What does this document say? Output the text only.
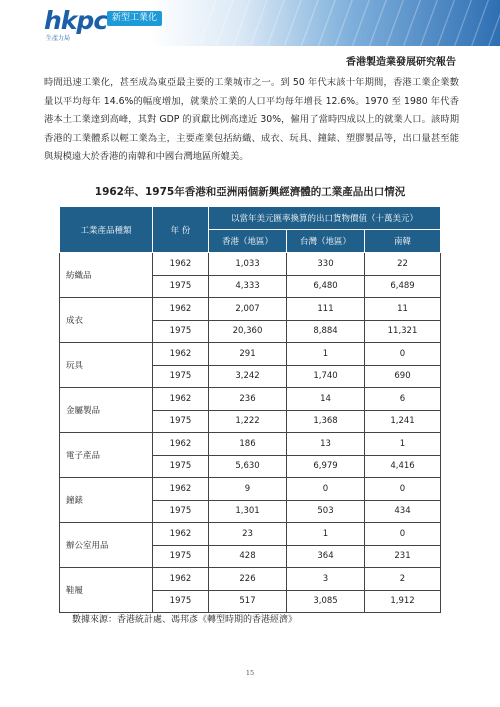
hkpc
生產力局
新型工業化
香港製造業發展研究報告

時間迅速工業化，甚至成為東亞最主要的工業城市之一。到 50 年代末該十年期間，香港工業企業數量以平均每年 14.6%的幅度增加，就業於工業的人口平均每年增長 12.6%。1970 至 1980 年代香港本土工業達到高峰，其對 GDP 的貢獻比例高達近 30%，僱用了當時四成以上的就業人口。該時期香港的工業體系以輕工業為主，主要產業包括紡織、成衣、玩具、鐘錶、塑膠製品等，出口量甚至能與規模遠大於香港的南韓和中國台灣地區所媲美。

1962年、1975年香港和亞洲兩個新興經濟體的工業產品出口情況

工業產品種類	年 份	以當年美元匯率換算的出口貨物價值（十萬美元）		
		香港（地區）	台灣（地區）	南韓
紡織品	1962	1,033	330	22
	1975	4,333	6,480	6,489
成衣	1962	2,007	111	11
	1975	20,360	8,884	11,321
玩具	1962	291	1	0
	1975	3,242	1,740	690
金屬製品	1962	236	14	6
	1975	1,222	1,368	1,241
電子產品	1962	186	13	1
	1975	5,630	6,979	4,416
鐘錶	1962	9	0	0
	1975	1,301	503	434
辦公室用品	1962	23	1	0
	1975	428	364	231
鞋履	1962	226	3	2
	1975	517	3,085	1,912
數據來源：香港統計處、馮邦彥《轉型時期的香港經濟》
15
